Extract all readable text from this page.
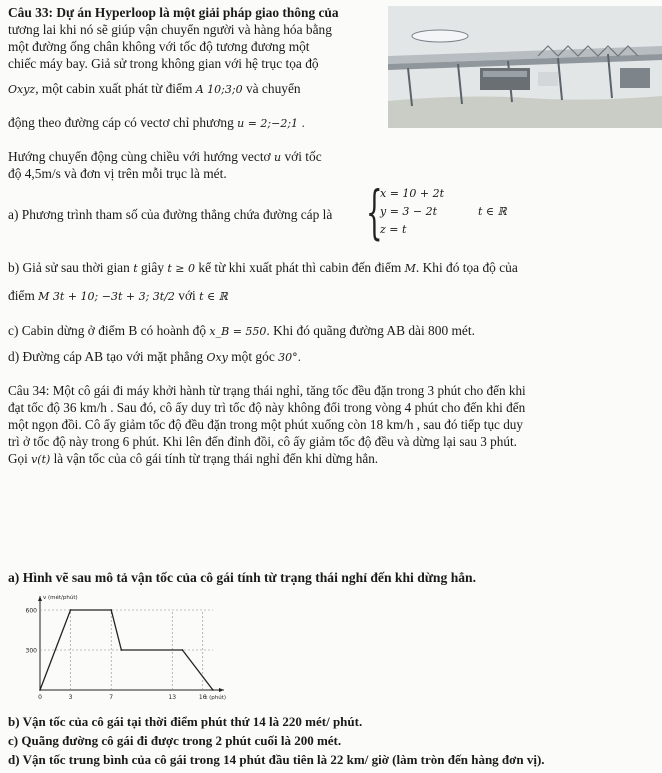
Câu 33: Dự án Hyperloop là một giải pháp giao thông của
tương lai khi nó sẽ giúp vận chuyển người và hàng hóa bằng
một đường ống chân không với tốc độ tương đương một
chiếc máy bay. Giả sử trong không gian với hệ trục tọa độ
Oxyz, một cabin xuất phát từ điểm A 10;3;0 và chuyển
động theo đường cáp có vectơ chỉ phương u = 2;−2;1 .
Hướng chuyển động cùng chiều với hướng vectơ u với tốc
độ 4,5m/s và đơn vị trên mỗi trục là mét.
a) Phương trình tham số của đường thẳng chứa đường cáp là {
x = 10 + 2t
y = 3 − 2t
z = t
t ∈ ℝ
b) Giả sử sau thời gian t giây t ≥ 0 kể từ khi xuất phát thì cabin đến điểm M. Khi đó tọa độ của
điểm M 3t + 10; −3t + 3; 3t/2 với t ∈ ℝ
c) Cabin dừng ở điểm B có hoành độ x_B = 550. Khi đó quãng đường AB dài 800 mét.
d) Đường cáp AB tạo với mặt phẳng Oxy một góc 30°.
Câu 34: Một cô gái đi máy khởi hành từ trạng thái nghỉ, tăng tốc đều đặn trong 3 phút cho đến khi
đạt tốc độ 36 km/h . Sau đó, cô ấy duy trì tốc độ này không đổi trong vòng 4 phút cho đến khi đến
một ngọn đồi. Cô ấy giảm tốc độ đều đặn trong một phút xuống còn 18 km/h , sau đó tiếp tục duy
trì ở tốc độ này trong 6 phút. Khi lên đến đỉnh đồi, cô ấy giảm tốc độ đều và dừng lại sau 3 phút.
Gọi v(t) là vận tốc của cô gái tính từ trạng thái nghỉ đến khi dừng hẳn.
a) Hình vẽ sau mô tả vận tốc của cô gái tính từ trạng thái nghỉ đến khi dừng hẳn.
300
600
0	3	7	13	16
v (mét/phút)
t (phút)
b) Vận tốc của cô gái tại thời điểm phút thứ 14 là 220 mét/ phút.
c) Quãng đường cô gái đi được trong 2 phút cuối là 200 mét.
d) Vận tốc trung bình của cô gái trong 14 phút đầu tiên là 22 km/ giờ (làm tròn đến hàng đơn vị).
